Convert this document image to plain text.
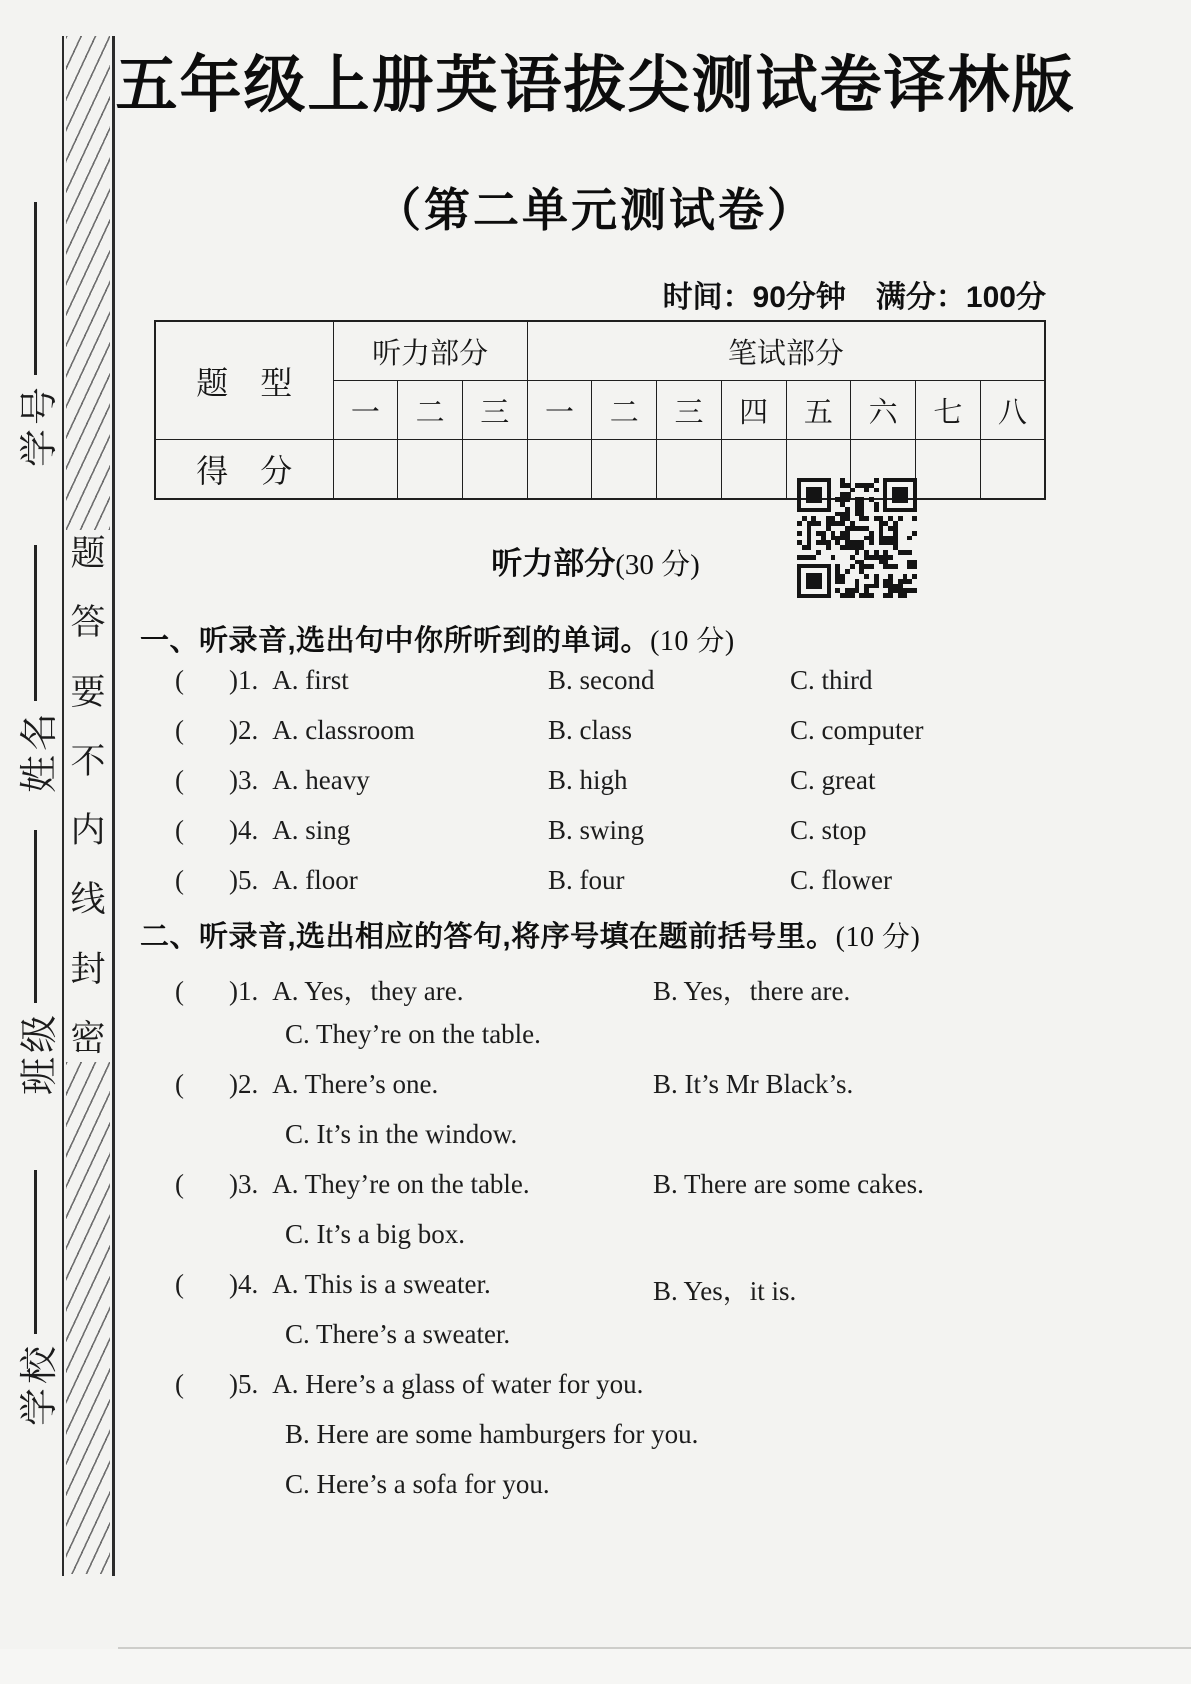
题
答
要
不
内
线
封
密
学号
姓名
班级
学校
五年级上册英语拔尖测试卷译林版
（第二单元测试卷）
时间：90分钟　满分：100分
题　型	听力部分			笔试部分							
	一	二	三	一	二	三	四	五	六	七	八
得　分											
听力部分(30 分)
一、听录音,选出句中你所听到的单词。(10 分)
( )1. A. first	B. second	C. third
( )2. A. classroom	B. class	C. computer
( )3. A. heavy	B. high	C. great
( )4. A. sing	B. swing	C. stop
( )5. A. floor	B. four	C. flower
二、听录音,选出相应的答句,将序号填在题前括号里。(10 分)
( )1. A. Yes，they are.	B. Yes，there are.
C. They’re on the table.
( )2. A. There’s one.	B. It’s Mr Black’s.
C. It’s in the window.
( )3. A. They’re on the table.	B. There are some cakes.
C. It’s a big box.
( )4. A. This is a sweater.	B. Yes，it is.
C. There’s a sweater.
( )5. A. Here’s a glass of water for you.
B. Here are some hamburgers for you.
C. Here’s a sofa for you.
